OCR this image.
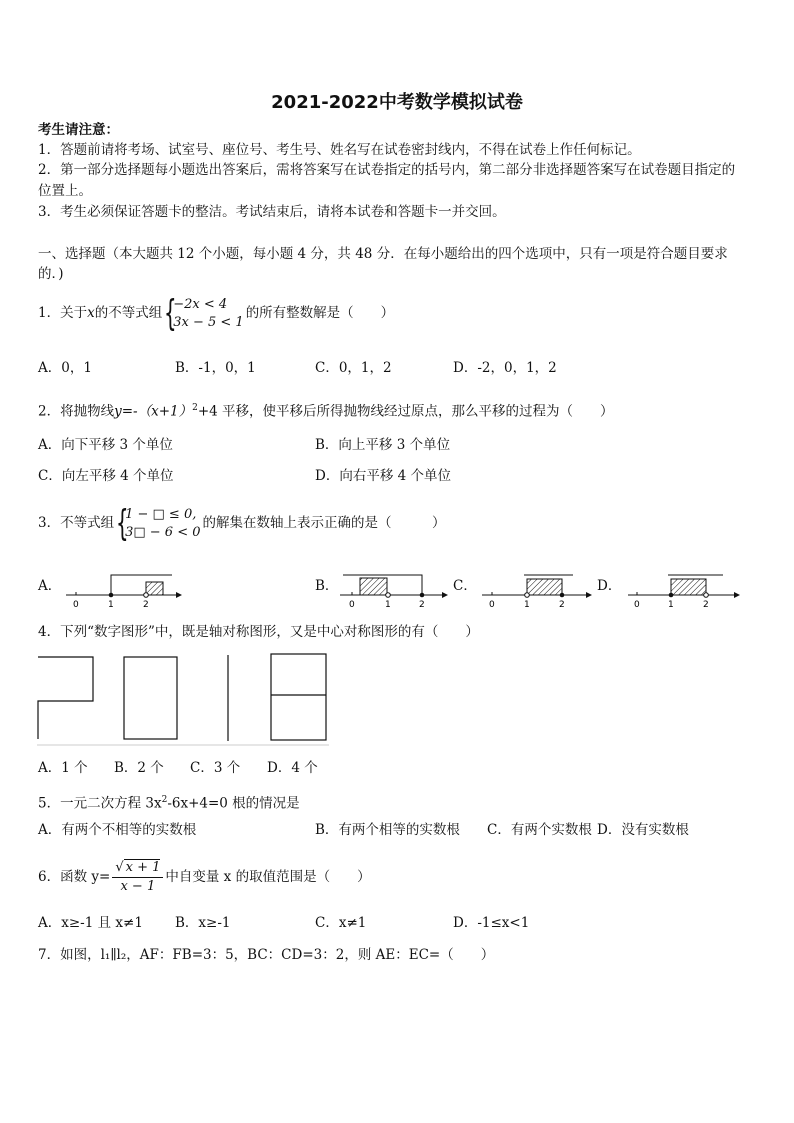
2021-2022中考数学模拟试卷
考生请注意：
1．答题前请将考场、试室号、座位号、考生号、姓名写在试卷密封线内，不得在试卷上作任何标记。
2．第一部分选择题每小题选出答案后，需将答案写在试卷指定的括号内，第二部分非选择题答案写在试卷题目指定的
位置上。
3．考生必须保证答题卡的整洁。考试结束后，请将本试卷和答题卡一并交回。
一、选择题（本大题共 12 个小题，每小题 4 分，共 48 分．在每小题给出的四个选项中，只有一项是符合题目要求
的．)
1．关于x的不等式组 {
−2x < 4
3x − 5 < 1
的所有整数解是（　　）
A．0，1	B．-1，0，1	C．0，1，2	D．-2，0，1，2
2．将抛物线$y=-(x+1)^2+4$ 平移，使平移后所得抛物线经过原点，那么平移的过程为（　　）
A．向下平移 3 个单位	B．向上平移 3 个单位
C．向左平移 4 个单位	D．向右平移 4 个单位
3．不等式组 {
1 − □ ≤ 0,
3□ − 6 < 0
的解集在数轴上表示正确的是（　　　）
A．
0	1	2
B．
0	1	2
C．
0	1	2
D．
0	1	2
4．下列“数字图形”中，既是轴对称图形，又是中心对称图形的有（　　）
A．1 个 B．2 个 C．3 个 D．4 个
5．一元二次方程 $3x^2-6x+4=0$ 根的情况是
A．有两个不相等的实数根	B．有两个相等的实数根 C．有两个实数根 D．没有实数根
6．函数 $y= \frac{√ x + 1}{x - 1}$ 中自变量 x 的取值范围是（　　）
A．x≥-1 且 x≠1 B．x≥-1	C．x≠1	D．-1≤x<1
7．如图，l₁∥l₂，AF：FB=3：5，BC：CD=3：2，则 AE：EC=（　　）
